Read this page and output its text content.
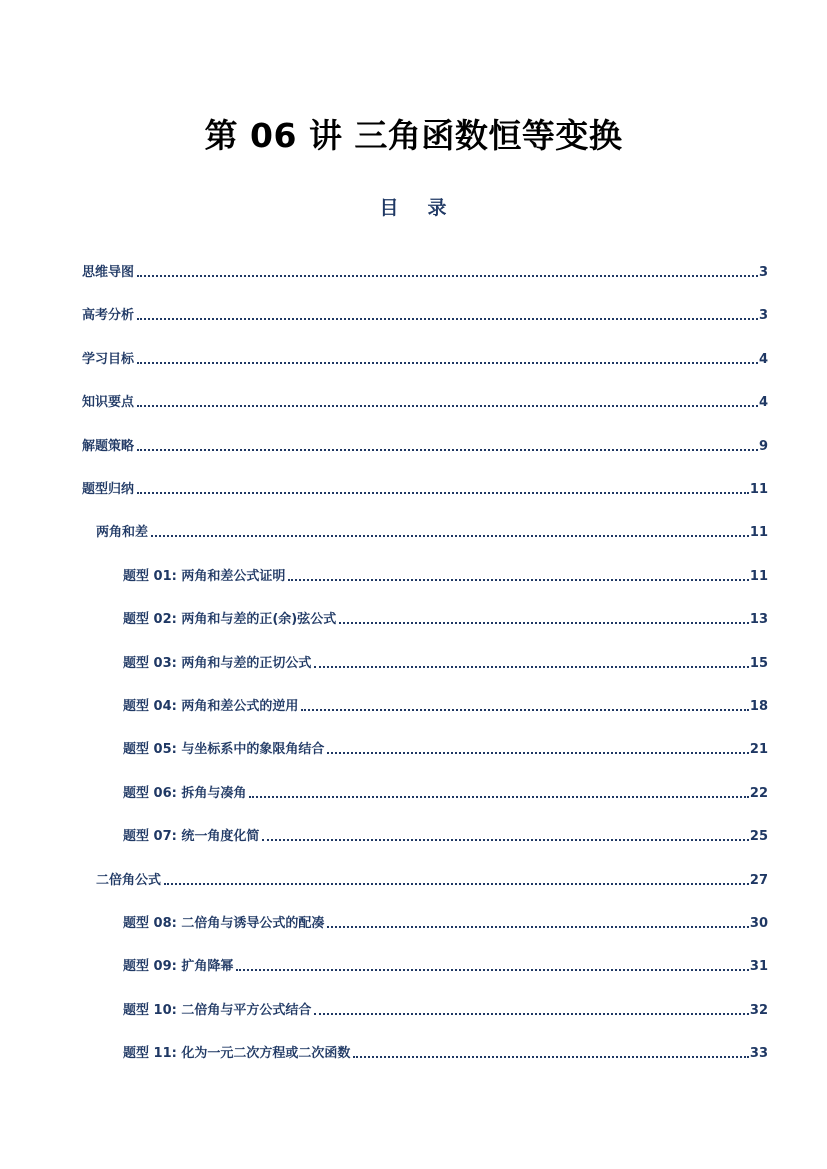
第 06 讲 三角函数恒等变换
目 录
思维导图	3
高考分析	3
学习目标	4
知识要点	4
解题策略	9
题型归纳	11
两角和差	11
题型 01: 两角和差公式证明	11
题型 02: 两角和与差的正(余)弦公式	13
题型 03: 两角和与差的正切公式	15
题型 04: 两角和差公式的逆用	18
题型 05: 与坐标系中的象限角结合	21
题型 06: 拆角与凑角	22
题型 07: 统一角度化简	25
二倍角公式	27
题型 08: 二倍角与诱导公式的配凑	30
题型 09: 扩角降幂	31
题型 10: 二倍角与平方公式结合	32
题型 11: 化为一元二次方程或二次函数	33
